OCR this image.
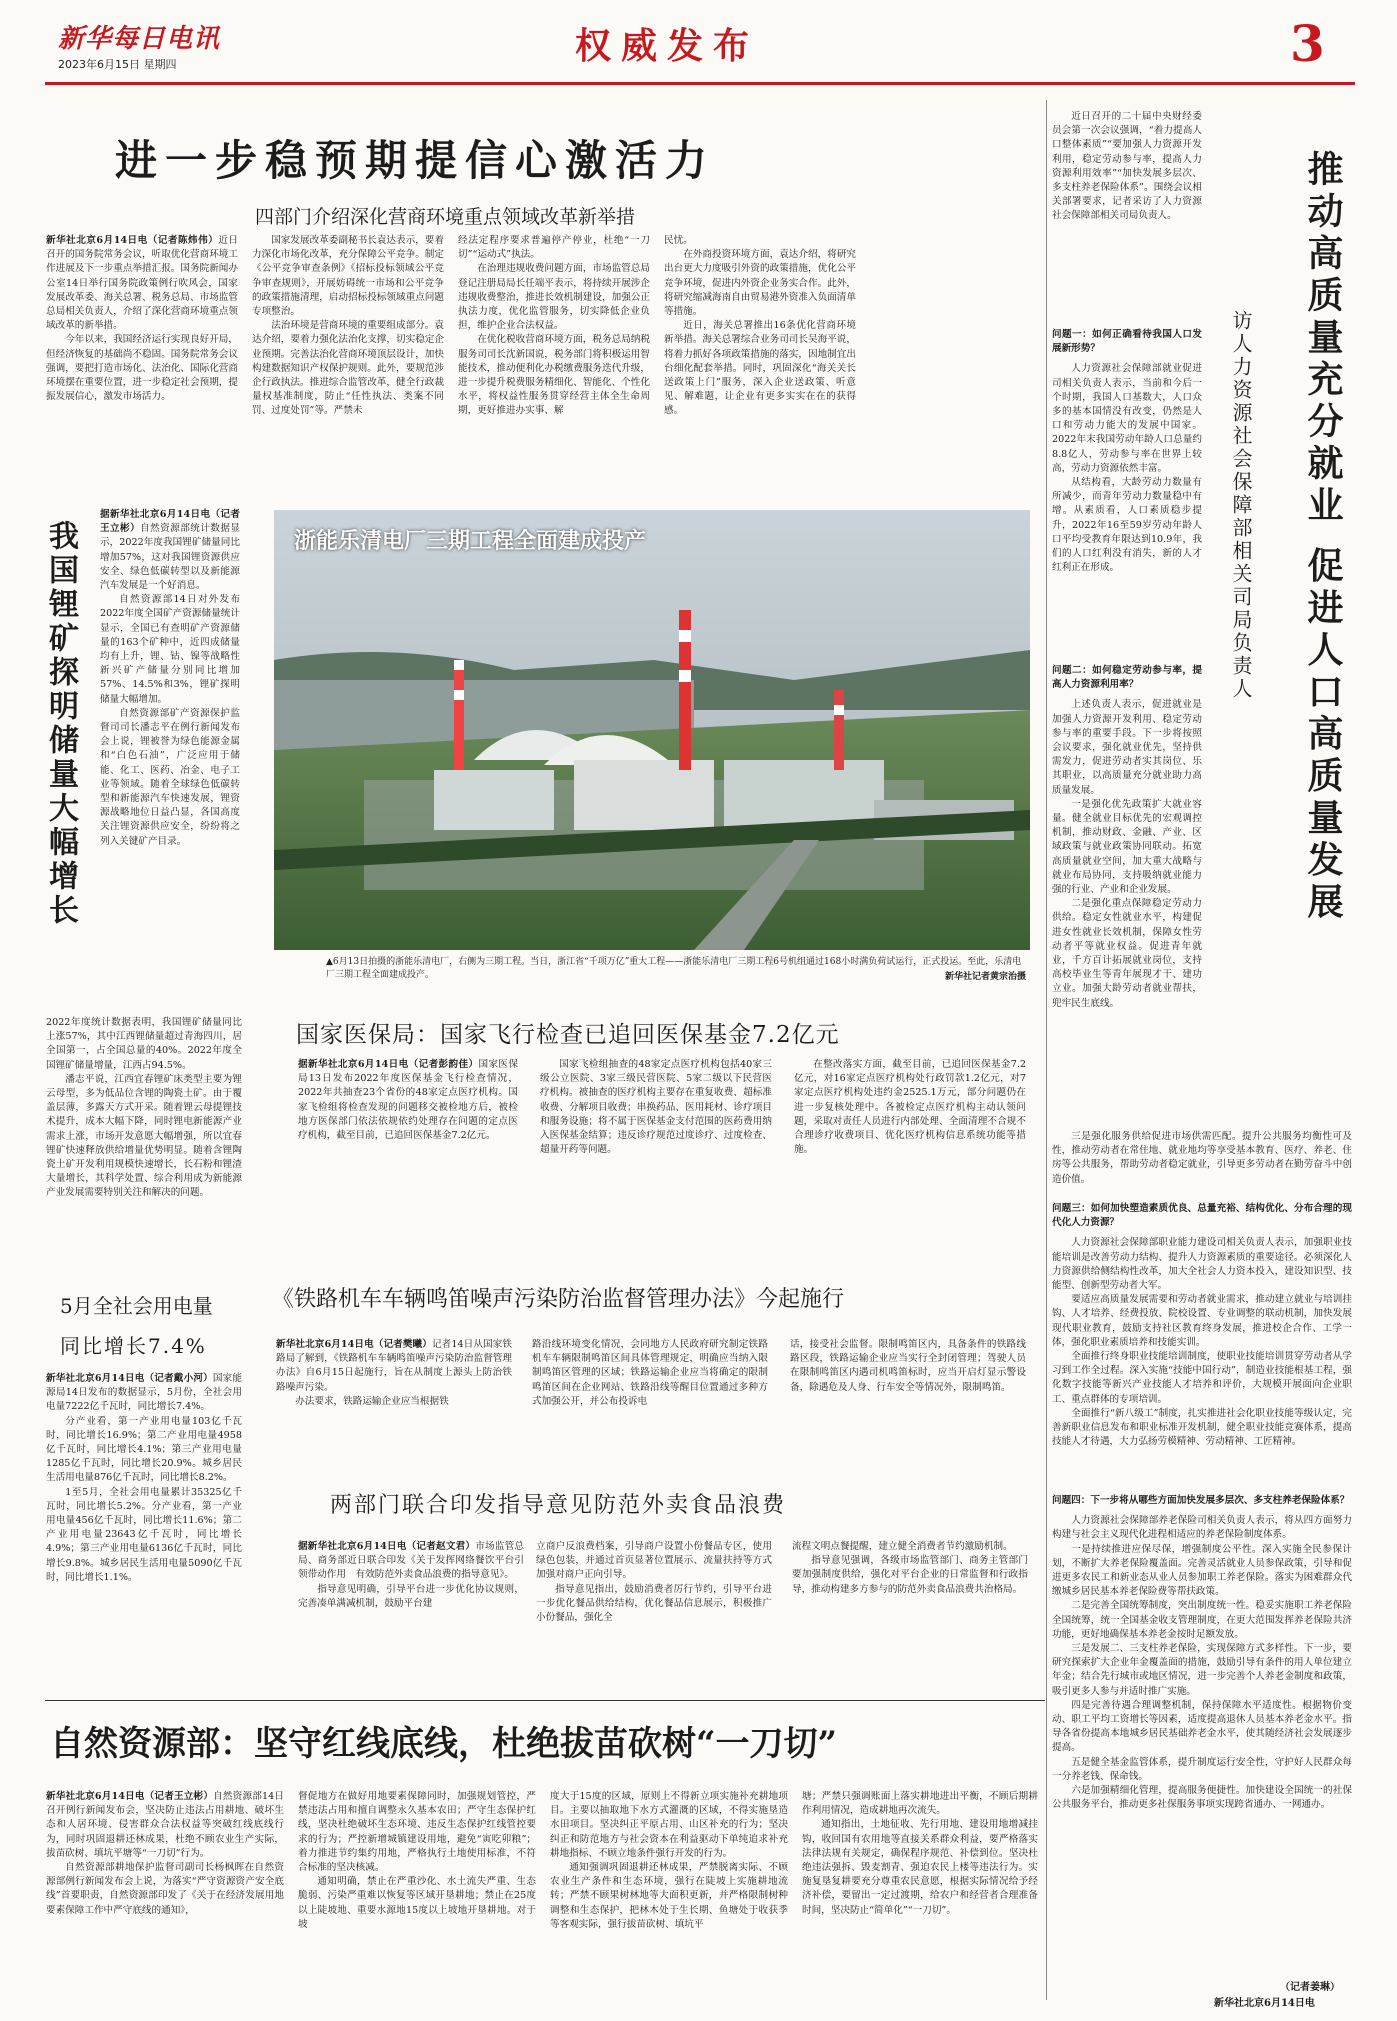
新华每日电讯
2023年6月15日 星期四	权威发布	3
进一步稳预期提信心激活力
四部门介绍深化营商环境重点领域改革新举措

新华社北京6月14日电（记者陈炜伟）近日召开的国务院常务会议，听取优化营商环境工作进展及下一步重点举措汇报。国务院新闻办公室14日举行国务院政策例行吹风会，国家发展改革委、海关总署、税务总局、市场监管总局相关负责人，介绍了深化营商环境重点领域改革的新举措。

今年以来，我国经济运行实现良好开局，但经济恢复的基础尚不稳固。国务院常务会议强调，要把打造市场化、法治化、国际化营商环境摆在重要位置，进一步稳定社会预期，提振发展信心，激发市场活力。

国家发展改革委副秘书长袁达表示，要着力深化市场化改革，充分保障公平竞争。制定《公平竞争审查条例》《招标投标领域公平竞争审查规则》，开展妨碍统一市场和公平竞争的政策措施清理，启动招标投标领域重点问题专项整治。

法治环境是营商环境的重要组成部分。袁达介绍，要着力强化法治化支撑，切实稳定企业预期。完善法治化营商环境顶层设计，加快构建数据知识产权保护规则。此外，要规范涉企行政执法。推进综合监管改革，健全行政裁量权基准制度，防止“任性执法、类案不同罚、过度处罚”等。严禁未

经法定程序要求普遍停产停业，杜绝“一刀切”“运动式”执法。

在治理违规收费问题方面，市场监管总局登记注册局局长任端平表示，将持续开展涉企违规收费整治，推进长效机制建设，加强公正执法力度，优化监管服务，切实降低企业负担，维护企业合法权益。

在优化税收营商环境方面，税务总局纳税服务司司长沈新国说，税务部门将积极运用智能技术，推动便利化办税缴费服务迭代升级，进一步提升税费服务精细化、智能化、个性化水平，将权益性服务贯穿经营主体全生命周期，更好推进办实事、解

民忧。

在外商投资环境方面，袁达介绍，将研究出台更大力度吸引外资的政策措施，优化公平竞争环境，促进内外资企业务实合作。此外，将研究缩减海南自由贸易港外资准入负面清单等措施。

近日，海关总署推出16条优化营商环境新举措。海关总署综合业务司司长吴海平说，将着力抓好各项政策措施的落实，因地制宜出台细化配套举措。同时，巩固深化“海关关长送政策上门”服务，深入企业送政策、听意见、解难题，让企业有更多实实在在的获得感。

我国锂矿探明储量大幅增长

据新华社北京6月14日电（记者王立彬）自然资源部统计数据显示，2022年度我国锂矿储量同比增加57%，这对我国锂资源供应安全、绿色低碳转型以及新能源汽车发展是一个好消息。

自然资源部14日对外发布2022年度全国矿产资源储量统计显示，全国已有查明矿产资源储量的163个矿种中，近四成储量均有上升，锂、钴、镍等战略性新兴矿产储量分别同比增加57%、14.5%和3%，锂矿探明储量大幅增加。

自然资源部矿产资源保护监督司司长潘志平在例行新闻发布会上说，锂被誉为绿色能源金属和“白色石油”，广泛应用于储能、化工、医药、冶金、电子工业等领域。随着全球绿色低碳转型和新能源汽车快速发展，锂资源战略地位日益凸显，各国高度关注锂资源供应安全，纷纷将之列入关键矿产目录。

2022年度统计数据表明，我国锂矿储量同比上涨57%，其中江西锂储量超过青海四川，居全国第一，占全国总量的40%。2022年度全国锂矿储量增量，江西占94.5%。

潘志平说，江西宜春锂矿床类型主要为锂云母型，多为低品位含锂的陶瓷土矿。由于覆盖层薄，多露天方式开采。随着锂云母提锂技术提升，成本大幅下降，同时锂电新能源产业需求上涨，市场开发意愿大幅增强，所以宜春锂矿快速释放供给增量优势明显。随着含锂陶瓷土矿开发利用规模快速增长，长石粉和锂渣大量增长，其科学处置、综合利用成为新能源产业发展需要特别关注和解决的问题。

浙能乐清电厂三期工程全面建成投产
▲6月13日拍摄的浙能乐清电厂，右侧为三期工程。当日，浙江省“千项万亿”重大工程——浙能乐清电厂三期工程6号机组通过168小时满负荷试运行，正式投运。至此，乐清电厂三期工程全面建成投产。	新华社记者黄宗治摄
国家医保局：国家飞行检查已追回医保基金7.2亿元

据新华社北京6月14日电（记者彭韵佳）国家医保局13日发布2022年度医保基金飞行检查情况，2022年共抽查23个省份的48家定点医疗机构。国家飞检组将检查发现的问题移交被检地方后，被检地方医保部门依法依规依约处理存在问题的定点医疗机构，截至目前，已追回医保基金7.2亿元。

国家飞检组抽查的48家定点医疗机构包括40家三级公立医院、3家三级民营医院、5家二级以下民营医疗机构。被抽查的医疗机构主要存在重复收费、超标准收费、分解项目收费；串换药品、医用耗材、诊疗项目和服务设施；将不属于医保基金支付范围的医药费用纳入医保基金结算；违反诊疗规范过度诊疗、过度检查、超量开药等问题。

在整改落实方面，截至目前，已追回医保基金7.2亿元，对16家定点医疗机构处行政罚款1.2亿元，对7家定点医疗机构处违约金2525.1万元，部分问题仍在进一步复核处理中。各被检定点医疗机构主动认领问题，采取对责任人员进行内部处理、全面清理不合规不合理诊疗收费项目、优化医疗机构信息系统功能等措施。

5月全社会用电量
同比增长7.4%

新华社北京6月14日电（记者戴小河）国家能源局14日发布的数据显示，5月份，全社会用电量7222亿千瓦时，同比增长7.4%。

分产业看，第一产业用电量103亿千瓦时，同比增长16.9%；第二产业用电量4958亿千瓦时，同比增长4.1%；第三产业用电量1285亿千瓦时，同比增长20.9%。城乡居民生活用电量876亿千瓦时，同比增长8.2%。

1至5月，全社会用电量累计35325亿千瓦时，同比增长5.2%。分产业看，第一产业用电量456亿千瓦时，同比增长11.6%；第二产业用电量23643亿千瓦时，同比增长4.9%；第三产业用电量6136亿千瓦时，同比增长9.8%。城乡居民生活用电量5090亿千瓦时，同比增长1.1%。

《铁路机车车辆鸣笛噪声污染防治监督管理办法》今起施行

新华社北京6月14日电（记者樊曦）记者14日从国家铁路局了解到，《铁路机车车辆鸣笛噪声污染防治监督管理办法》自6月15日起施行，旨在从制度上源头上防治铁路噪声污染。

办法要求，铁路运输企业应当根据铁

路沿线环境变化情况，会同地方人民政府研究制定铁路机车车辆限制鸣笛区间具体管理规定，明确应当纳入限制鸣笛区管理的区域；铁路运输企业应当将确定的限制鸣笛区间在企业网站、铁路沿线等醒目位置通过多种方式加强公开，并公布投诉电

话，接受社会监督。限制鸣笛区内，具备条件的铁路线路区段，铁路运输企业应当实行全封闭管理；驾驶人员在限制鸣笛区内遇司机鸣笛标时，应当开启灯显示警设备，除遇危及人身、行车安全等情况外，限制鸣笛。

两部门联合印发指导意见防范外卖食品浪费

据新华社北京6月14日电（记者赵文君）市场监管总局、商务部近日联合印发《关于发挥网络餐饮平台引领带动作用　有效防范外卖食品浪费的指导意见》。

指导意见明确，引导平台进一步优化协议规则，完善凑单满减机制，鼓励平台建

立商户反浪费档案，引导商户设置小份餐品专区，使用绿色包装，并通过首页显著位置展示、流量扶持等方式加强对商户正向引导。

指导意见指出，鼓励消费者厉行节约，引导平台进一步优化餐品供给结构，优化餐品信息展示，积极推广小份餐品，强化全

流程文明点餐提醒，建立健全消费者节约激励机制。

指导意见强调，各级市场监管部门、商务主管部门要加强制度供给，强化对平台企业的日常监督和行政指导，推动构建多方参与的防范外卖食品浪费共治格局。

自然资源部：坚守红线底线，杜绝拔苗砍树“一刀切”

新华社北京6月14日电（记者王立彬）自然资源部14日召开例行新闻发布会，坚决防止违法占用耕地、破坏生态和人居环境、侵害群众合法权益等突破红线底线行为，同时巩固退耕还林成果，杜绝不顾农业生产实际，拔苗砍树、填坑平塘等“一刀切”行为。

自然资源部耕地保护监督司副司长杨枫晖在自然资源部例行新闻发布会上说，为落实“严守资源资产安全底线”首要职责，自然资源部印发了《关于在经济发展用地要素保障工作中严守底线的通知》，

督促地方在做好用地要素保障同时，加强规划管控，严禁违法占用和擅自调整永久基本农田；严守生态保护红线，坚决杜绝破坏生态环境、违反生态保护红线管控要求的行为；严控新增城镇建设用地，避免“寅吃卯粮”；着力推进节约集约用地，严格执行土地使用标准，不符合标准的坚决核减。

通知明确，禁止在严重沙化、水土流失严重、生态脆弱、污染严重难以恢复等区域开垦耕地；禁止在25度以上陡坡地、重要水源地15度以上坡地开垦耕地。对于坡

度大于15度的区域，原则上不得新立项实施补充耕地项目。主要以抽取地下水方式灌溉的区域，不得实施垦造水田项目。坚决纠正平原占用、山区补充的行为；坚决纠正和防范地方与社会资本在利益驱动下单纯追求补充耕地指标、不顾立地条件强行开发的行为。

通知强调巩固退耕还林成果，严禁脱离实际、不顾农业生产条件和生态环境，强行在陡坡上实施耕地流转；严禁不顾果树林地等大面积更新，并严格限制树种调整和生态保护，把林木处于生长期、鱼塘处于收获季等客观实际，强行拔苗砍树、填坑平

塘；严禁只强调账面上落实耕地进出平衡，不顾后期耕作利用情况，造成耕地再次流失。

通知指出，土地征收、先行用地、建设用地增减挂钩，收回国有农用地等直接关系群众利益，要严格落实法律法规有关规定，确保程序规范、补偿到位。坚决杜绝违法强拆、毁麦割青、强迫农民上楼等违法行为。实施复垦复耕要充分尊重农民意愿，根据实际情况给予经济补偿，要留出一定过渡期，给农户和经营者合理准备时间，坚决防止“简单化”“一刀切”。

近日召开的二十届中央财经委员会第一次会议强调，“着力提高人口整体素质”“要加强人力资源开发利用，稳定劳动参与率，提高人力资源利用效率”“加快发展多层次、多支柱养老保险体系”。围绕会议相关部署要求，记者采访了人力资源社会保障部相关司局负责人。	推动高质量充分就业 促进人口高质量发展
访人力资源社会保障部相关司局负责人

问题一：如何正确看待我国人口发展新形势？

人力资源社会保障部就业促进司相关负责人表示，当前和今后一个时期，我国人口基数大，人口众多的基本国情没有改变，仍然是人口和劳动力能大的发展中国家。2022年末我国劳动年龄人口总量约8.8亿人，劳动参与率在世界上较高，劳动力资源依然丰富。

从结构看，大龄劳动力数量有所减少，而青年劳动力数量稳中有增。从素质看，人口素质稳步提升，2022年16至59岁劳动年龄人口平均受教育年限达到10.9年，我们的人口红利没有消失，新的人才红利正在形成。

问题二：如何稳定劳动参与率，提高人力资源利用率？

上述负责人表示，促进就业是加强人力资源开发利用、稳定劳动参与率的重要手段。下一步将按照会议要求，强化就业优先，坚持供需发力，促进劳动者实其岗位、乐其职业，以高质量充分就业助力高质量发展。

一是强化优先政策扩大就业容量。健全就业目标优先的宏观调控机制，推动财政、金融、产业、区域政策与就业政策协同联动。拓宽高质量就业空间，加大重大战略与就业布局协同，支持吸纳就业能力强的行业、产业和企业发展。

二是强化重点保障稳定劳动力供给。稳定女性就业水平，构建促进女性就业长效机制，保障女性劳动者平等就业权益。促进青年就业，千方百计拓展就业岗位，支持高校毕业生等青年展现才干、建功立业。加强大龄劳动者就业帮扶，兜牢民生底线。

三是强化服务供给促进市场供需匹配。提升公共服务均衡性可及性，推动劳动者在常住地、就业地均等享受基本教育、医疗、养老、住房等公共服务，帮助劳动者稳定就业，引导更多劳动者在勤劳奋斗中创造价值。

问题三：如何加快塑造素质优良、总量充裕、结构优化、分布合理的现代化人力资源？

人力资源社会保障部职业能力建设司相关负责人表示，加强职业技能培训是改善劳动力结构、提升人力资源素质的重要途径。必须深化人力资源供给侧结构性改革，加大全社会人力资本投入，建设知识型、技能型、创新型劳动者大军。

要适应高质量发展需要和劳动者就业需求，推动建立就业与培训挂钩、人才培养、经费投放、院校设置、专业调整的联动机制，加快发展现代职业教育，鼓励支持社区教育终身发展，推进校企合作、工学一体，强化职业素质培养和技能实训。

全面推行终身职业技能培训制度，使职业技能培训贯穿劳动者从学习到工作全过程。深入实施“技能中国行动”，制造业技能根基工程，强化数字技能等新兴产业技能人才培养和评价，大规模开展面向企业职工、重点群体的专项培训。

全面推行“新八级工”制度，扎实推进社会化职业技能等级认定，完善新职业信息发布和职业标准开发机制，健全职业技能竞赛体系，提高技能人才待遇，大力弘扬劳模精神、劳动精神、工匠精神。

问题四：下一步将从哪些方面加快发展多层次、多支柱养老保险体系？

人力资源社会保障部养老保险司相关负责人表示，将从四方面努力构建与社会主义现代化进程相适应的养老保险制度体系。

一是持续推进应保尽保，增强制度公平性。深入实施全民参保计划，不断扩大养老保险覆盖面。完善灵活就业人员参保政策，引导和促进更多农民工和新业态从业人员参加职工养老保险。落实为困难群众代缴城乡居民基本养老保险费等帮扶政策。

二是完善全国统筹制度，突出制度统一性。稳妥实施职工养老保险全国统筹，统一全国基金收支管理制度，在更大范围发挥养老保险共济功能，更好地确保基本养老金按时足额发放。

三是发展二、三支柱养老保险，实现保障方式多样性。下一步，要研究探索扩大企业年金覆盖面的措施，鼓励引导有条件的用人单位建立年金；结合先行城市或地区情况，进一步完善个人养老金制度和政策，吸引更多人参与并适时推广实施。

四是完善待遇合理调整机制，保持保障水平适度性。根据物价变动、职工平均工资增长等因素，适度提高退休人员基本养老金水平。指导各省份提高本地城乡居民基础养老金水平，使其随经济社会发展逐步提高。

五是健全基金监管体系，提升制度运行安全性，守护好人民群众每一分养老钱、保命钱。

六是加强精细化管理，提高服务便捷性。加快建设全国统一的社保公共服务平台，推动更多社保服务事项实现跨省通办、一网通办。

（记者姜琳）
新华社北京6月14日电
